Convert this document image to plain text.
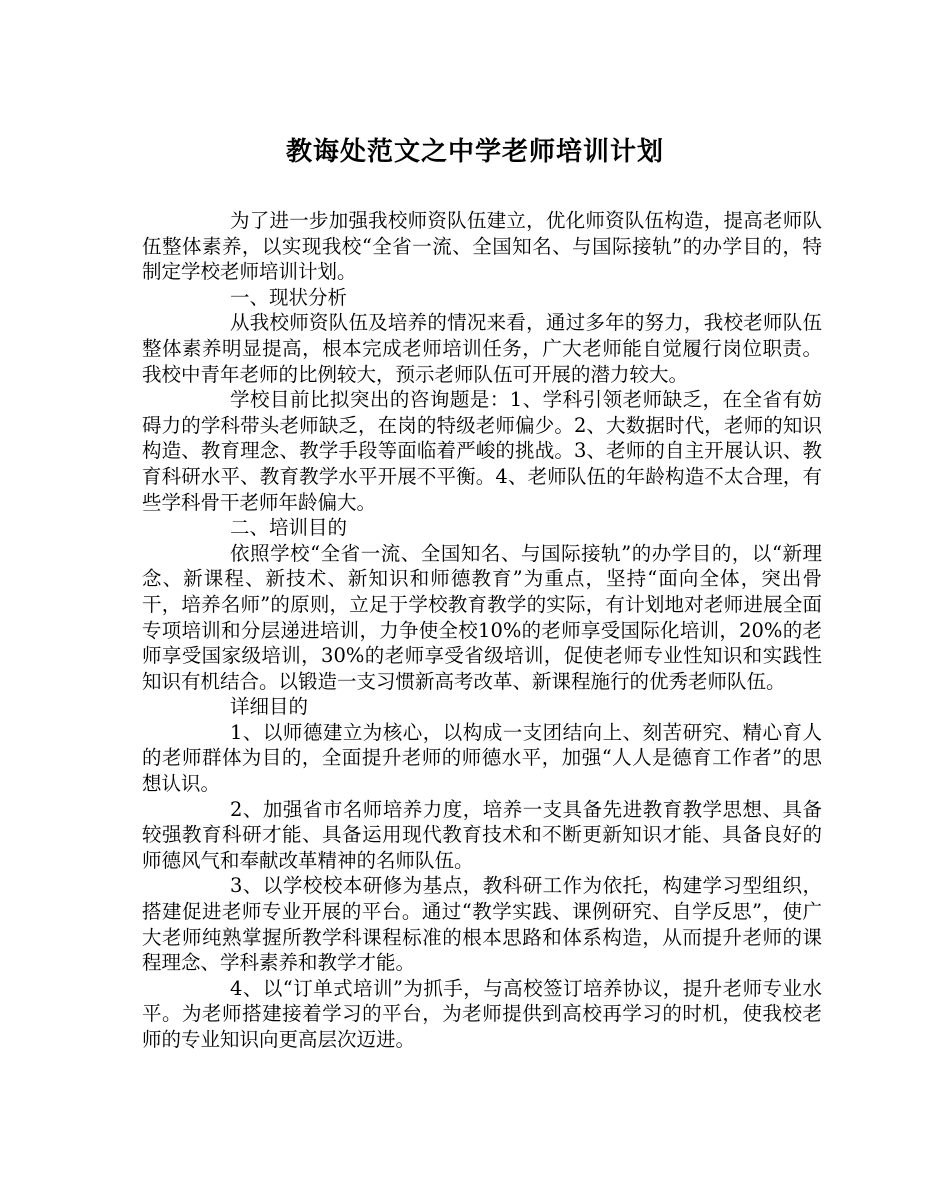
教诲处范文之中学老师培训计划

为了进一步加强我校师资队伍建立，优化师资队伍构造，提高老师队伍整体素养，以实现我校“全省一流、全国知名、与国际接轨”的办学目的，特制定学校老师培训计划。

一、现状分析

从我校师资队伍及培养的情况来看，通过多年的努力，我校老师队伍整体素养明显提高，根本完成老师培训任务，广大老师能自觉履行岗位职责。我校中青年老师的比例较大，预示老师队伍可开展的潜力较大。

学校目前比拟突出的咨询题是：1、学科引领老师缺乏，在全省有妨碍力的学科带头老师缺乏，在岗的特级老师偏少。2、大数据时代，老师的知识构造、教育理念、教学手段等面临着严峻的挑战。3、老师的自主开展认识、教育科研水平、教育教学水平开展不平衡。4、老师队伍的年龄构造不太合理，有些学科骨干老师年龄偏大。

二、培训目的

依照学校“全省一流、全国知名、与国际接轨”的办学目的，以“新理念、新课程、新技术、新知识和师德教育”为重点，坚持“面向全体，突出骨干，培养名师”的原则，立足于学校教育教学的实际，有计划地对老师进展全面专项培训和分层递进培训，力争使全校10%的老师享受国际化培训，20%的老师享受国家级培训，30%的老师享受省级培训，促使老师专业性知识和实践性知识有机结合。以锻造一支习惯新高考改革、新课程施行的优秀老师队伍。

详细目的

1、以师德建立为核心，以构成一支团结向上、刻苦研究、精心育人的老师群体为目的，全面提升老师的师德水平，加强“人人是德育工作者”的思想认识。

2、加强省市名师培养力度，培养一支具备先进教育教学思想、具备较强教育科研才能、具备运用现代教育技术和不断更新知识才能、具备良好的师德风气和奉献改革精神的名师队伍。

3、以学校校本研修为基点，教科研工作为依托，构建学习型组织，搭建促进老师专业开展的平台。通过“教学实践、课例研究、自学反思”，使广大老师纯熟掌握所教学科课程标准的根本思路和体系构造，从而提升老师的课程理念、学科素养和教学才能。

4、以“订单式培训”为抓手，与高校签订培养协议，提升老师专业水平。为老师搭建接着学习的平台，为老师提供到高校再学习的时机，使我校老师的专业知识向更高层次迈进。
